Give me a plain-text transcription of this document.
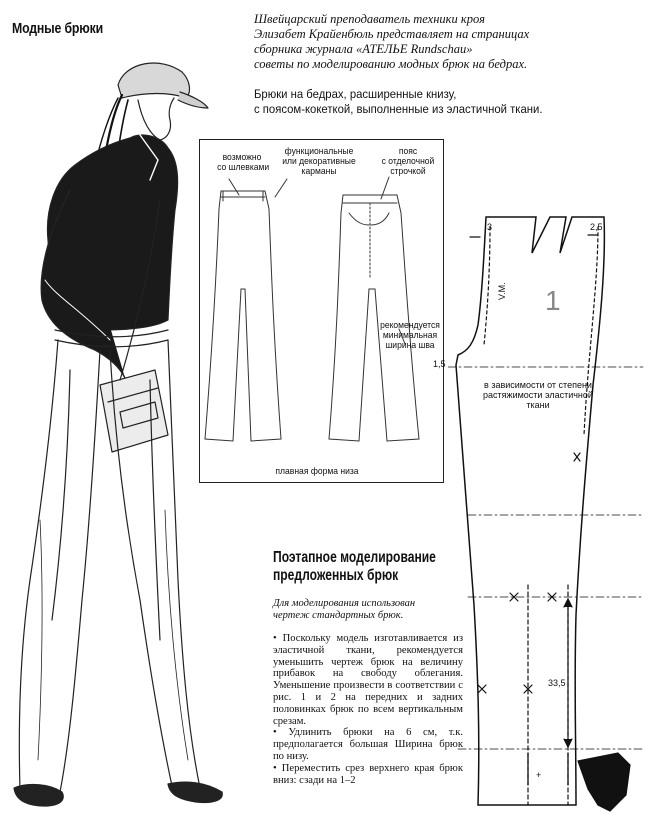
Модные брюки
Швейцарский преподаватель техники кроя
Элизабет Крайенбюль представляет на страницах
сборника журнала «АТЕЛЬЕ Rundschau»
советы по моделированию модных брюк на бедрах.
Брюки на бедрах, расширенные книзу,
с поясом-кокеткой, выполненные из эластичной ткани.
возможно
со шлевками
функциональные
или декоративные
карманы
пояс
с отделочной
строчкой
рекомендуется
минимальная
ширина шва
плавная форма низа
3	2,5
1,5
V.M. 1
в зависимости от степени
растяжимости эластичной
ткани
33,5
+
Поэтапное моделирование
предложенных брюк
Для моделирования использован
чертеж стандартных брюк.

• Поскольку модель изготавливается из эластичной ткани, рекомендуется уменьшить чертеж брюк на величину прибавок на свободу облегания. Уменьшение произвести в соответствии с рис. 1 и 2 на передних и задних половинках брюк по всем вертикальным срезам.

• Удлинить брюки на 6 см, т.к. предполагается большая Ширина брюк по низу.

• Переместить срез верхнего края брюк вниз: сзади на 1–2
